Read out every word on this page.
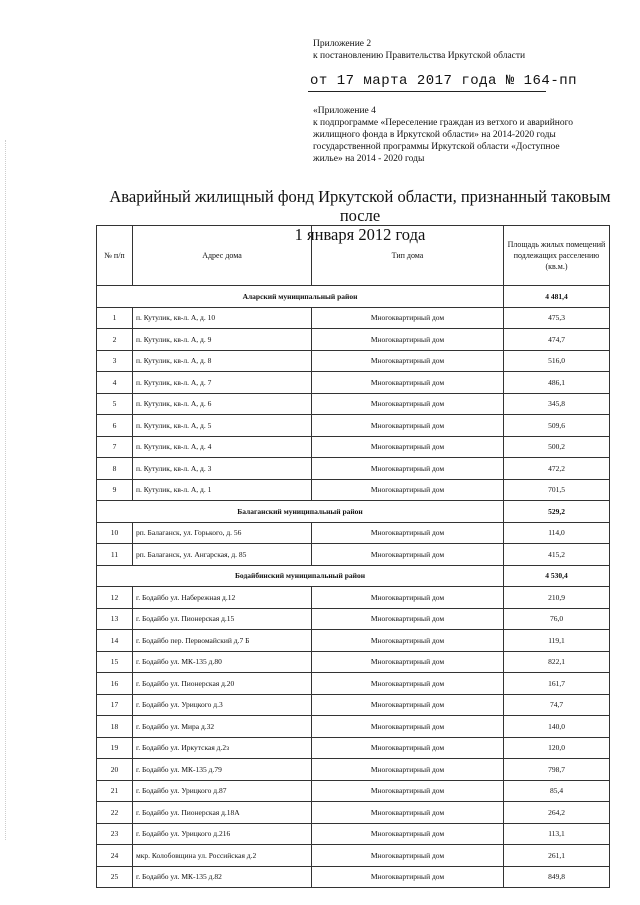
Приложение 2
к постановлению Правительства Иркутской области
от 17 марта 2017 года № 164-пп
«Приложение 4
к подпрограмме «Переселение граждан из ветхого и аварийного
жилищного фонда в Иркутской области» на 2014-2020 годы
государственной программы Иркутской области «Доступное
жилье» на 2014 - 2020 годы
Аварийный жилищный фонд Иркутской области, признанный таковым после
1 января 2012 года
№ п/п	Адрес дома	Тип дома	Площадь жилых помещений подлежащих расселению (кв.м.)
Аларский муниципальный район			4 481,4
1	п. Кутулик, кв-л. А, д. 10	Многоквартирный дом	475,3
2	п. Кутулик, кв-л. А, д. 9	Многоквартирный дом	474,7
3	п. Кутулик, кв-л. А, д. 8	Многоквартирный дом	516,0
4	п. Кутулик, кв-л. А, д. 7	Многоквартирный дом	486,1
5	п. Кутулик, кв-л. А, д. 6	Многоквартирный дом	345,8
6	п. Кутулик, кв-л. А, д. 5	Многоквартирный дом	509,6
7	п. Кутулик, кв-л. А, д. 4	Многоквартирный дом	500,2
8	п. Кутулик, кв-л. А, д. 3	Многоквартирный дом	472,2
9	п. Кутулик, кв-л. А, д. 1	Многоквартирный дом	701,5
Балаганский муниципальный район			529,2
10	рп. Балаганск, ул. Горького, д. 56	Многоквартирный дом	114,0
11	рп. Балаганск, ул. Ангарская, д. 85	Многоквартирный дом	415,2
Бодайбинский муниципальный район			4 530,4
12	г. Бодайбо ул. Набережная д.12	Многоквартирный дом	210,9
13	г. Бодайбо ул. Пионерская д.15	Многоквартирный дом	76,0
14	г. Бодайбо пер. Первомайский д.7 Б	Многоквартирный дом	119,1
15	г. Бодайбо ул. МК-135 д.80	Многоквартирный дом	822,1
16	г. Бодайбо ул. Пионерская д.20	Многоквартирный дом	161,7
17	г. Бодайбо ул. Урицкого д.3	Многоквартирный дом	74,7
18	г. Бодайбо ул. Мира д.32	Многоквартирный дом	140,0
19	г. Бодайбо ул. Иркутская д.2з	Многоквартирный дом	120,0
20	г. Бодайбо ул. МК-135 д.79	Многоквартирный дом	798,7
21	г. Бодайбо ул. Урицкого д.87	Многоквартирный дом	85,4
22	г. Бодайбо ул. Пионерская д.18А	Многоквартирный дом	264,2
23	г. Бодайбо ул. Урицкого д.216	Многоквартирный дом	113,1
24	мкр. Колобовщина ул. Российская д.2	Многоквартирный дом	261,1
25	г. Бодайбо ул. МК-135 д.82	Многоквартирный дом	849,8
